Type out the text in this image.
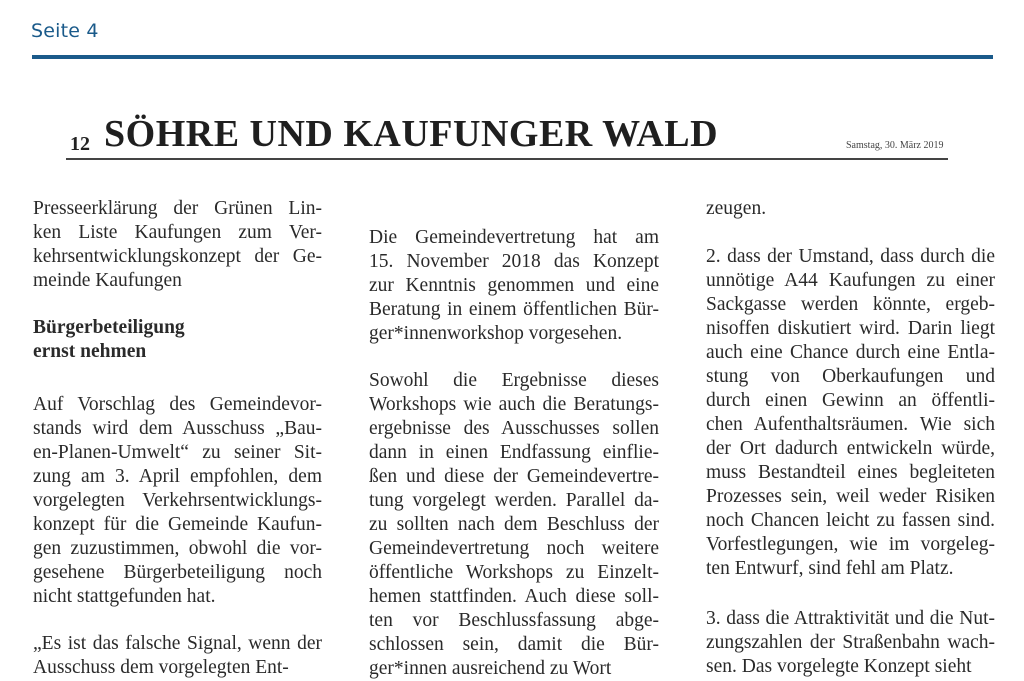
Seite 4
12 SÖHRE UND KAUFUNGER WALD	Samstag, 30. März 2019
Presseerklärung der Grünen Lin-
ken Liste Kaufungen zum Ver-
kehrsentwicklungskonzept der Ge-
meinde Kaufungen
Bürgerbeteiligung
ernst nehmen
Auf Vorschlag des Gemeindevor-
stands wird dem Ausschuss „Bau-
en-Planen-Umwelt“ zu seiner Sit-
zung am 3. April empfohlen, dem
vorgelegten Verkehrsentwicklungs-
konzept für die Gemeinde Kaufun-
gen zuzustimmen, obwohl die vor-
gesehene Bürgerbeteiligung noch
nicht stattgefunden hat.
„Es ist das falsche Signal, wenn der
Ausschuss dem vorgelegten Ent-
Die Gemeindevertretung hat am
15. November 2018 das Konzept
zur Kenntnis genommen und eine
Beratung in einem öffentlichen Bür-
ger*innenworkshop vorgesehen.
Sowohl die Ergebnisse dieses
Workshops wie auch die Beratungs-
ergebnisse des Ausschusses sollen
dann in einen Endfassung einflie-
ßen und diese der Gemeindevertre-
tung vorgelegt werden. Parallel da-
zu sollten nach dem Beschluss der
Gemeindevertretung noch weitere
öffentliche Workshops zu Einzelt-
hemen stattfinden. Auch diese soll-
ten vor Beschlussfassung abge-
schlossen sein, damit die Bür-
ger*innen ausreichend zu Wort
zeugen.
2. dass der Umstand, dass durch die
unnötige A44 Kaufungen zu einer
Sackgasse werden könnte, ergeb-
nisoffen diskutiert wird. Darin liegt
auch eine Chance durch eine Entla-
stung von Oberkaufungen und
durch einen Gewinn an öffentli-
chen Aufenthaltsräumen. Wie sich
der Ort dadurch entwickeln würde,
muss Bestandteil eines begleiteten
Prozesses sein, weil weder Risiken
noch Chancen leicht zu fassen sind.
Vorfestlegungen, wie im vorgeleg-
ten Entwurf, sind fehl am Platz.
3. dass die Attraktivität und die Nut-
zungszahlen der Straßenbahn wach-
sen. Das vorgelegte Konzept sieht
